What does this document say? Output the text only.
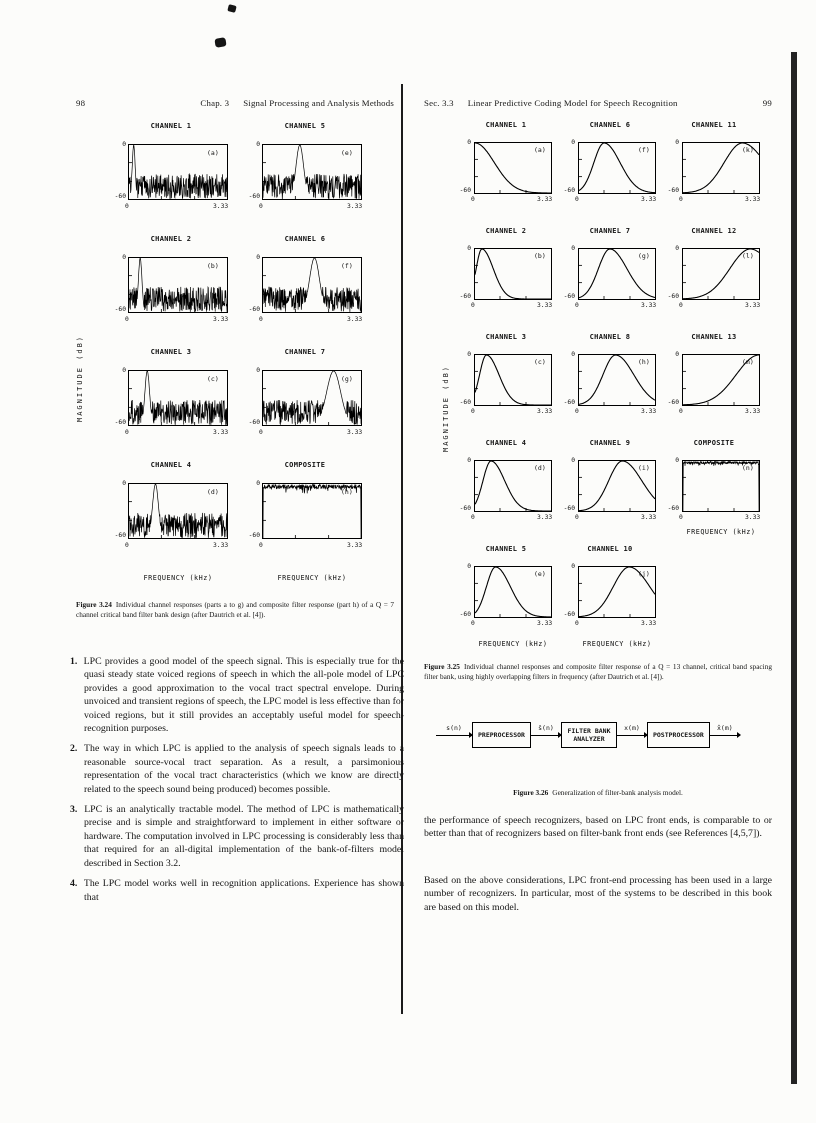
98	Chap. 3 Signal Processing and Analysis Methods	Sec. 3.3 Linear Predictive Coding Model for Speech Recognition	99
CHANNEL 1
0
-60
0	3.33
(a)
CHANNEL 5
0
-60
0	3.33
(e)
CHANNEL 2
0
-60
0	3.33
(b)
CHANNEL 6
0
-60
0	3.33
(f)
CHANNEL 3
0
-60
0	3.33
(c)
CHANNEL 7
0
-60
0	3.33
(g)
CHANNEL 4
0
-60
0	3.33
(d)
COMPOSITE
0
-60
0	3.33
(h)
MAGNITUDE (dB)
FREQUENCY (kHz)	FREQUENCY (kHz)
Figure 3.24 Individual channel responses (parts a to g) and composite filter response (part h) of a Q = 7 channel critical band filter bank design (after Dautrich et al. [4]).
1. LPC provides a good model of the speech signal. This is especially true for the quasi steady state voiced regions of speech in which the all-pole model of LPC provides a good approximation to the vocal tract spectral envelope. During unvoiced and transient regions of speech, the LPC model is less effective than for voiced regions, but it still provides an acceptably useful model for speech-recognition purposes.
2. The way in which LPC is applied to the analysis of speech signals leads to a reasonable source-vocal tract separation. As a result, a parsimonious representation of the vocal tract characteristics (which we know are directly related to the speech sound being produced) becomes possible.
3. LPC is an analytically tractable model. The method of LPC is mathematically precise and is simple and straightforward to implement in either software or hardware. The computation involved in LPC processing is considerably less than that required for an all-digital implementation of the bank-of-filters model described in Section 3.2.
4. The LPC model works well in recognition applications. Experience has shown that
CHANNEL 1
0
-60
0	3.33
(a)
CHANNEL 6
0
-60
0	3.33
(f)
CHANNEL 11
0
-60
0	3.33
(k)
CHANNEL 2
0
-60
0	3.33
(b)
CHANNEL 7
0
-60
0	3.33
(g)
CHANNEL 12
0
-60
0	3.33
(l)
CHANNEL 3
0
-60
0	3.33
(c)
CHANNEL 8
0
-60
0	3.33
(h)
CHANNEL 13
0
-60
0	3.33
(m)
CHANNEL 4
0
-60
0	3.33
(d)
CHANNEL 9
0
-60
0	3.33
(i)
COMPOSITE
0
-60
0	3.33
(n)
CHANNEL 5
0
-60
0	3.33
(e)
CHANNEL 10
0
-60
0	3.33
(j)
MAGNITUDE (dB)
FREQUENCY (kHz)	FREQUENCY (kHz)
FREQUENCY (kHz)
Figure 3.25 Individual channel responses and composite filter response of a Q = 13 channel, critical band spacing filter bank, using highly overlapping filters in frequency (after Dautrich et al. [4]).
s(n)
PREPROCESSOR
ŝ(n)	FILTER BANK ANALYZER
x(m)
POSTPROCESSOR
x̂(m)
Figure 3.26 Generalization of filter-bank analysis model.
the performance of speech recognizers, based on LPC front ends, is comparable to or better than that of recognizers based on filter-bank front ends (see References [4,5,7]).
Based on the above considerations, LPC front-end processing has been used in a large number of recognizers. In particular, most of the systems to be described in this book are based on this model.
